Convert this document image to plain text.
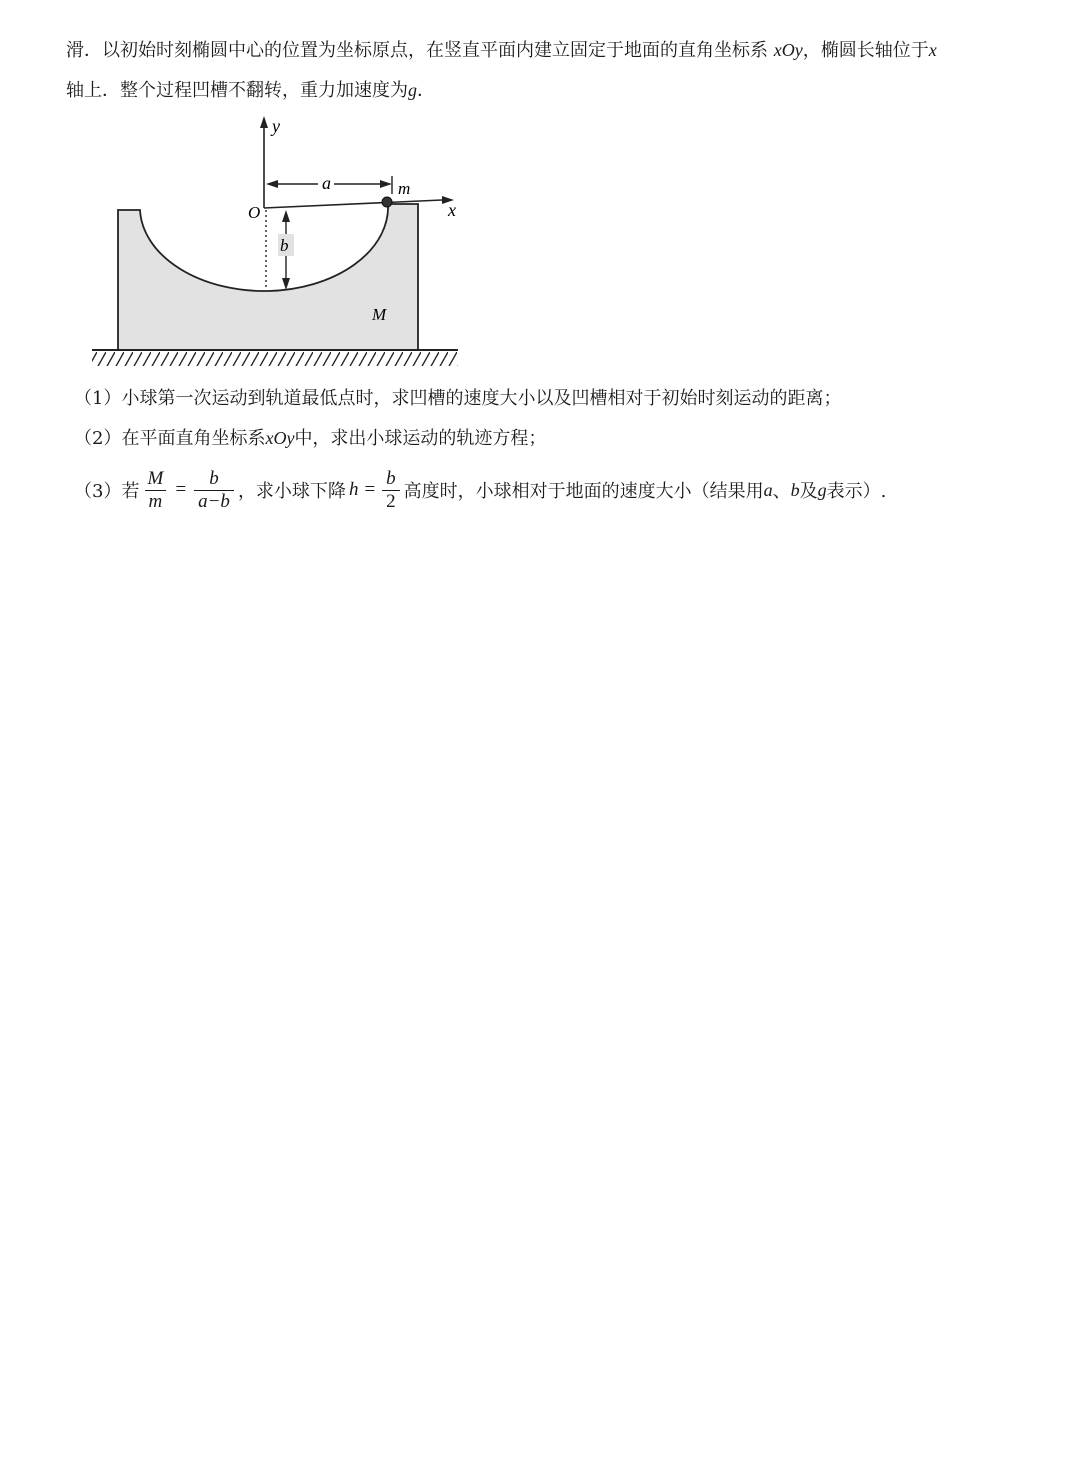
滑．以初始时刻椭圆中心的位置为坐标原点，在竖直平面内建立固定于地面的直角坐标系 xOy，椭圆长轴位于x
轴上．整个过程凹槽不翻转，重力加速度为g．
y
x
O
a	m
b
M
（1）小球第一次运动到轨道最低点时，求凹槽的速度大小以及凹槽相对于初始时刻运动的距离；
（2）在平面直角坐标系xOy中，求出小球运动的轨迹方程；
（3）若 $\frac{M}{m} = \frac{b}{a-b}$ ，求小球下降 $h = \frac{b}{2}$ 高度时，小球相对于地面的速度大小（结果用 a 、 b 及 g 表示）.
